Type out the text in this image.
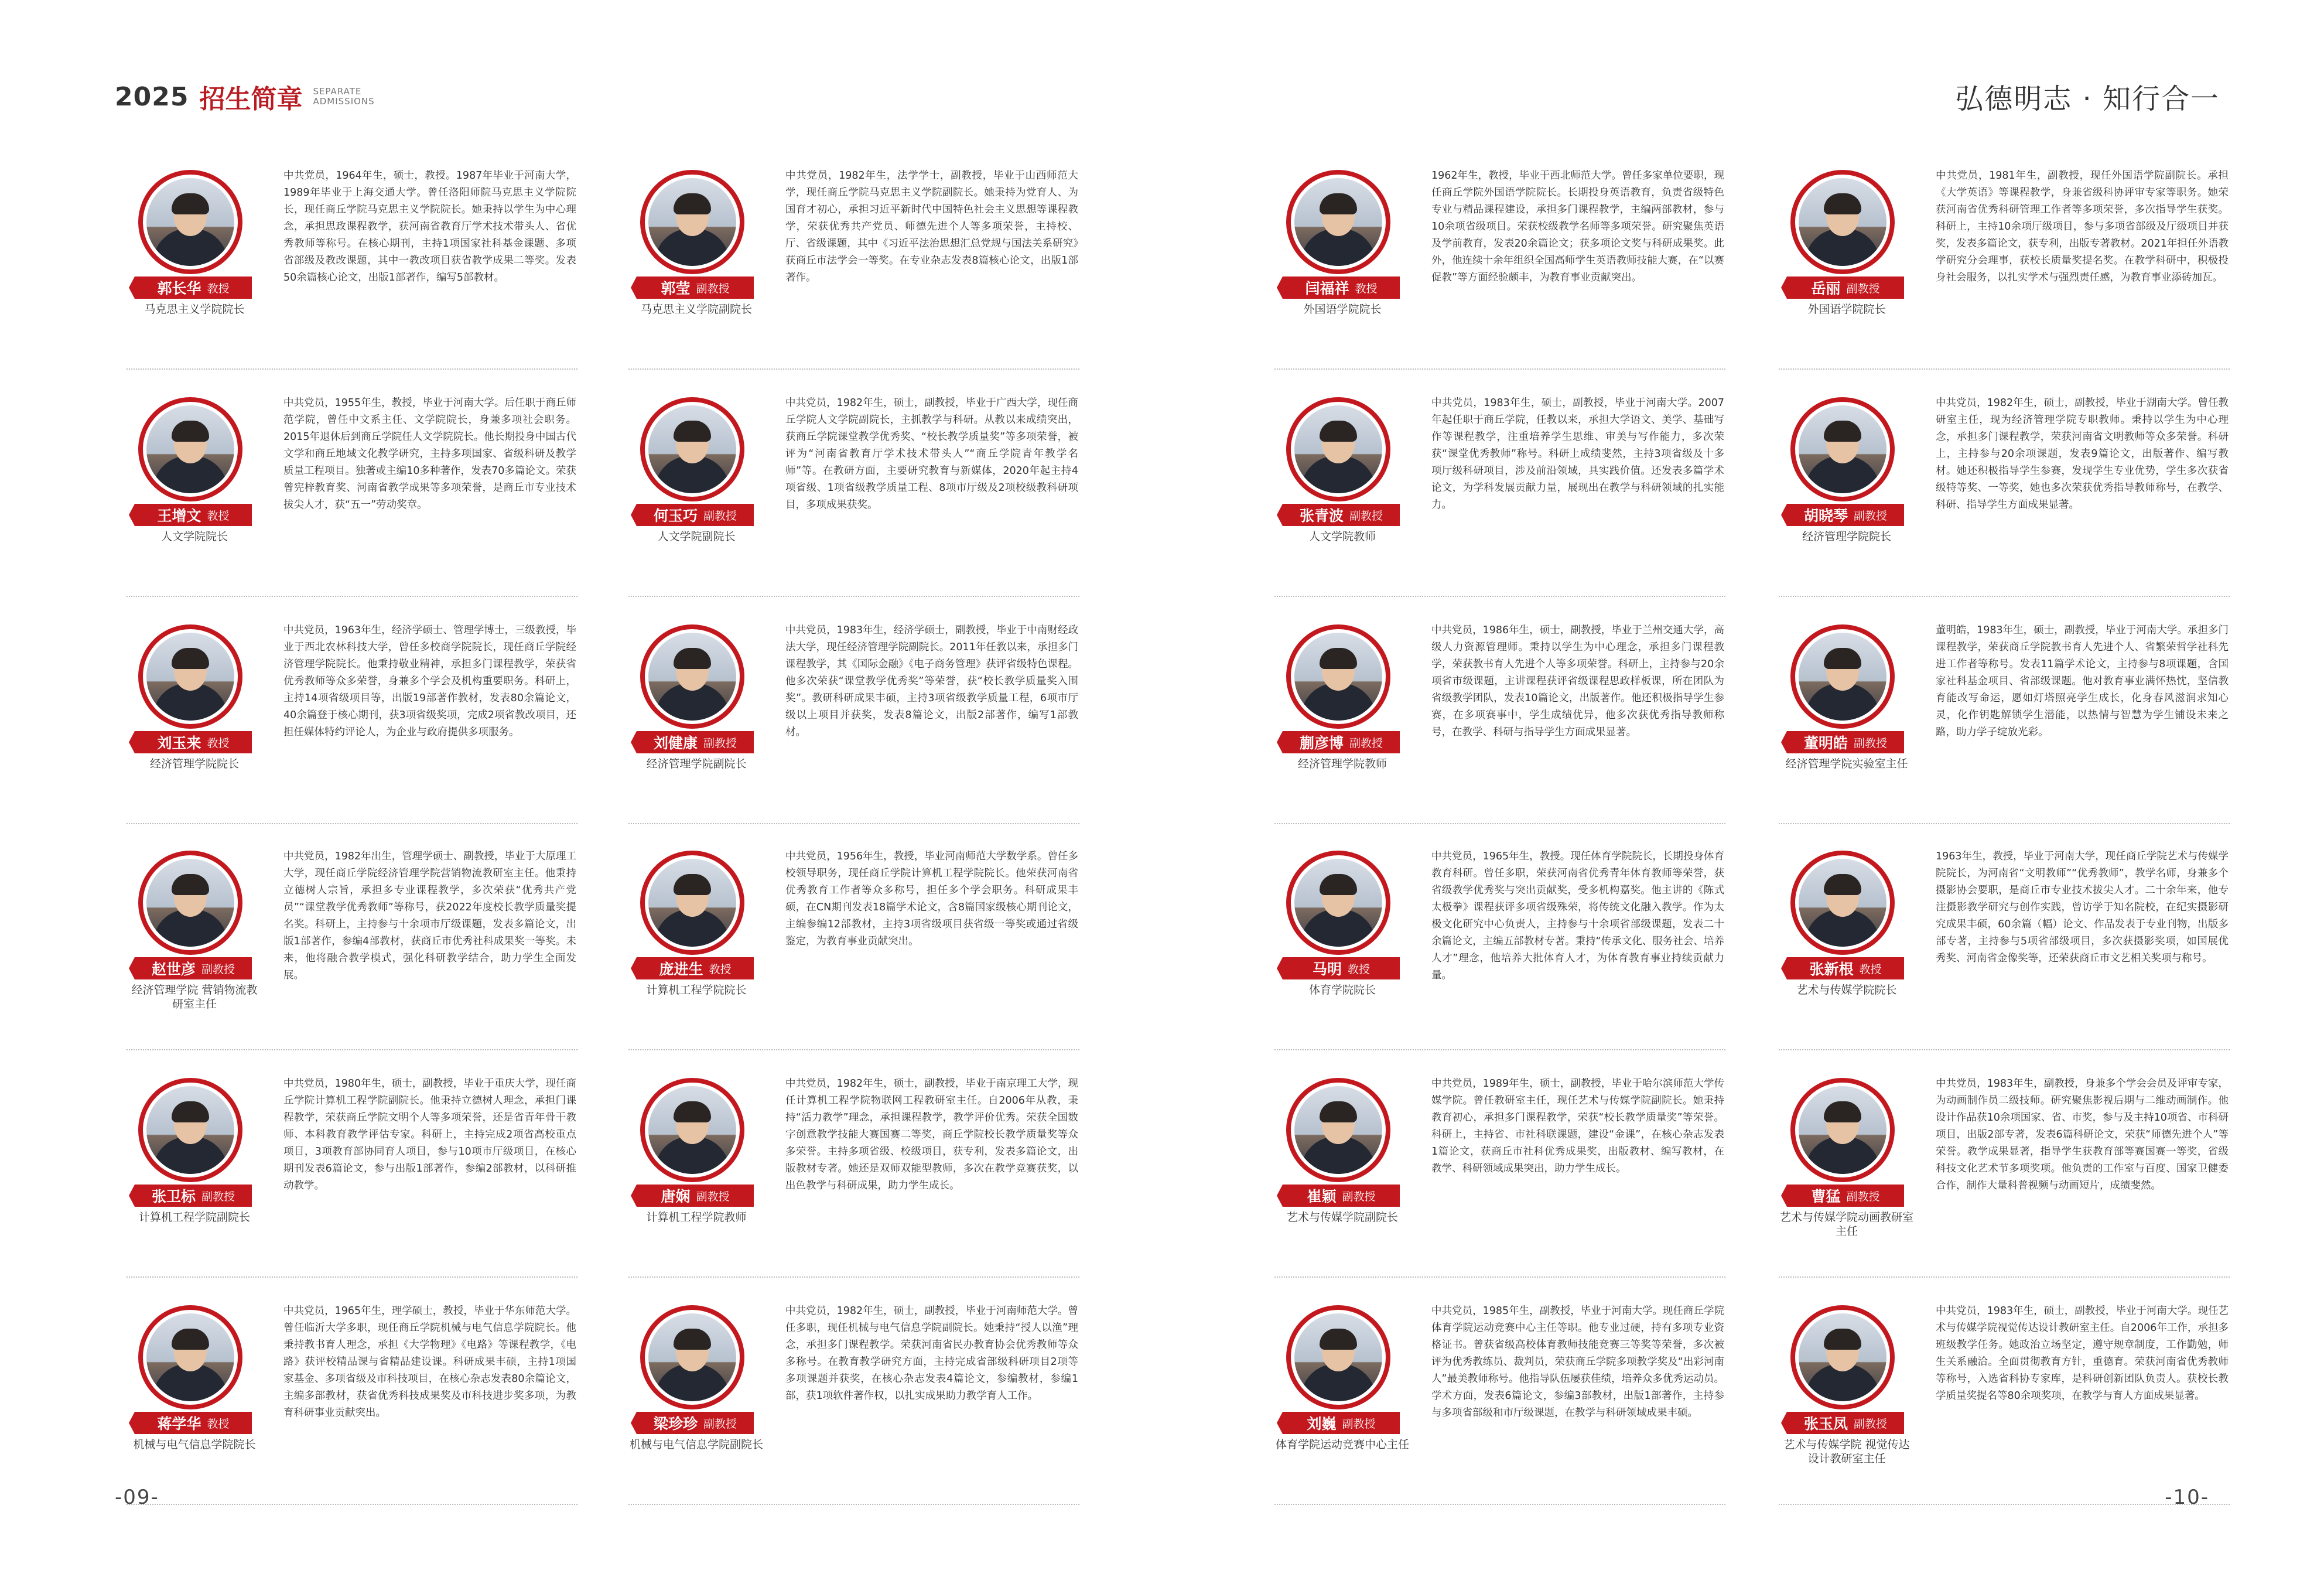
2025 招生简章 SEPARATE
ADMISSIONS	弘德明志 · 知行合一
郭长华 教授
马克思主义学院院长
中共党员，1964年生，硕士，教授。1987年毕业于河南大学，1989年毕业于上海交通大学。曾任洛阳师院马克思主义学院院长，现任商丘学院马克思主义学院院长。她秉持以学生为中心理念，承担思政课程教学，获河南省教育厅学术技术带头人、省优秀教师等称号。在核心期刊，主持1项国家社科基金课题、多项省部级及教改课题，其中一教改项目获省教学成果二等奖。发表50余篇核心论文，出版1部著作，编写5部教材。
郭莹 副教授
马克思主义学院副院长
中共党员，1982年生，法学学士，副教授，毕业于山西师范大学，现任商丘学院马克思主义学院副院长。她秉持为党育人、为国育才初心，承担习近平新时代中国特色社会主义思想等课程教学，荣获优秀共产党员、师德先进个人等多项荣誉，主持校、厅、省级课题，其中《习近平法治思想汇总党规与国法关系研究》获商丘市法学会一等奖。在专业杂志发表8篇核心论文，出版1部著作。
闫福祥 教授
外国语学院院长
1962年生，教授，毕业于西北师范大学。曾任多家单位要职，现任商丘学院外国语学院院长。长期投身英语教育，负责省级特色专业与精品课程建设，承担多门课程教学，主编两部教材，参与10余项省级项目。荣获校级教学名师等多项荣誉。研究聚焦英语及学前教育，发表20余篇论文；获多项论文奖与科研成果奖。此外，他连续十余年组织全国高师学生英语教师技能大赛，在“以赛促教”等方面经验颇丰，为教育事业贡献突出。
岳丽 副教授
外国语学院院长
中共党员，1981年生，副教授，现任外国语学院副院长。承担《大学英语》等课程教学，身兼省级科协评审专家等职务。她荣获河南省优秀科研管理工作者等多项荣誉，多次指导学生获奖。科研上，主持10余项厅级项目，参与多项省部级及厅级项目并获奖，发表多篇论文，获专利，出版专著教材。2021年担任外语教学研究分会理事，获校长质量奖提名奖。在教学科研中，积极投身社会服务，以扎实学术与强烈责任感，为教育事业添砖加瓦。
王增文 教授
人文学院院长
中共党员，1955年生，教授，毕业于河南大学。后任职于商丘师范学院，曾任中文系主任、文学院院长，身兼多项社会职务。2015年退休后到商丘学院任人文学院院长。他长期投身中国古代文学和商丘地域文化教学研究，主持多项国家、省级科研及教学质量工程项目。独著或主编10多种著作，发表70多篇论文。荣获曾宪梓教育奖、河南省教学成果等多项荣誉，是商丘市专业技术拔尖人才，获“五一”劳动奖章。
何玉巧 副教授
人文学院副院长
中共党员，1982年生，硕士，副教授，毕业于广西大学，现任商丘学院人文学院副院长，主抓教学与科研。从教以来成绩突出，获商丘学院课堂教学优秀奖、“校长教学质量奖”等多项荣誉，被评为“河南省教育厅学术技术带头人”“商丘学院青年教学名师”等。在教研方面，主要研究教育与新媒体，2020年起主持4项省级、1项省级教学质量工程、8项市厅级及2项校级教科研项目，多项成果获奖。
张青波 副教授
人文学院教师
中共党员，1983年生，硕士，副教授，毕业于河南大学。2007年起任职于商丘学院，任教以来，承担大学语文、美学、基础写作等课程教学，注重培养学生思维、审美与写作能力，多次荣获“课堂优秀教师”称号。科研上成绩斐然，主持3项省级及十多项厅级科研项目，涉及前沿领域，具实践价值。还发表多篇学术论文，为学科发展贡献力量，展现出在教学与科研领域的扎实能力。
胡晓琴 副教授
经济管理学院院长
中共党员，1982年生，硕士，副教授，毕业于湖南大学。曾任教研室主任，现为经济管理学院专职教师。秉持以学生为中心理念，承担多门课程教学，荣获河南省文明教师等众多荣誉。科研上，主持参与20余项课题，发表9篇论文，出版著作、编写教材。她还积极指导学生参赛，发现学生专业优势，学生多次获省级特等奖、一等奖，她也多次荣获优秀指导教师称号，在教学、科研、指导学生方面成果显著。
刘玉来 教授
经济管理学院院长
中共党员，1963年生，经济学硕士、管理学博士，三级教授，毕业于西北农林科技大学，曾任多校商学院院长，现任商丘学院经济管理学院院长。他秉持敬业精神，承担多门课程教学，荣获省优秀教师等众多荣誉，身兼多个学会及机构重要职务。科研上，主持14项省级项目等，出版19部著作教材，发表80余篇论文，40余篇登于核心期刊，获3项省级奖项，完成2项省教改项目，还担任媒体特约评论人，为企业与政府提供多项服务。
刘健康 副教授
经济管理学院副院长
中共党员，1983年生，经济学硕士，副教授，毕业于中南财经政法大学，现任经济管理学院副院长。2011年任教以来，承担多门课程教学，其《国际金融》《电子商务管理》获评省级特色课程。他多次荣获“课堂教学优秀奖”等荣誉，获“校长教学质量奖入围奖”。教研科研成果丰硕，主持3项省级教学质量工程，6项市厅级以上项目并获奖，发表8篇论文，出版2部著作，编写1部教材。
蒯彦博 副教授
经济管理学院教师
中共党员，1986年生，硕士，副教授，毕业于兰州交通大学，高级人力资源管理师。秉持以学生为中心理念，承担多门课程教学，荣获教书育人先进个人等多项荣誉。科研上，主持参与20余项省市级课题，主讲课程获评省级课程思政样板课，所在团队为省级教学团队，发表10篇论文，出版著作。他还积极指导学生参赛，在多项赛事中，学生成绩优异，他多次获优秀指导教师称号，在教学、科研与指导学生方面成果显著。
董明皓 副教授
经济管理学院实验室主任
董明皓，1983年生，硕士，副教授，毕业于河南大学。承担多门课程教学，荣获商丘学院教书育人先进个人、省繁荣哲学社科先进工作者等称号。发表11篇学术论文，主持参与8项课题，含国家社科基金项目、省部级课题。他对教育事业满怀热忱，坚信教育能改写命运，愿如灯塔照亮学生成长，化身春风滋润求知心灵，化作钥匙解锁学生潜能，以热情与智慧为学生铺设未来之路，助力学子绽放光彩。
赵世彦 副教授
经济管理学院 营销物流教研室主任
中共党员，1982年出生，管理学硕士、副教授，毕业于大原理工大学，现任商丘学院经济管理学院营销物流教研室主任。他秉持立德树人宗旨，承担多专业课程教学，多次荣获“优秀共产党员”“课堂教学优秀教师”等称号，获2022年度校长教学质量奖提名奖。科研上，主持参与十余项市厅级课题，发表多篇论文，出版1部著作，参编4部教材，获商丘市优秀社科成果奖一等奖。未来，他将融合教学模式，强化科研教学结合，助力学生全面发展。	庞进生 教授
计算机工程学院院长
中共党员，1956年生，教授，毕业河南师范大学数学系。曾任多校领导职务，现任商丘学院计算机工程学院院长。他荣获河南省优秀教育工作者等众多称号，担任多个学会职务。科研成果丰硕，在CN期刊发表18篇学术论文，含8篇国家级核心期刊论文，主编参编12部教材，主持3项省级项目获省级一等奖或通过省级鉴定，为教育事业贡献突出。
马明 教授
体育学院院长
中共党员，1965年生，教授。现任体育学院院长，长期投身体育教育科研。曾任多职，荣获河南省优秀青年体育教师等荣誉，获省级教学优秀奖与突出贡献奖，受多机构嘉奖。他主讲的《陈式太极拳》课程获评多项省级殊荣，将传统文化融入教学。作为太极文化研究中心负责人，主持参与十余项省部级课题，发表二十余篇论文，主编五部教材专著。秉持“传承文化、服务社会、培养人才”理念，他培养大批体育人才，为体育教育事业持续贡献力量。	张新根 教授
艺术与传媒学院院长
1963年生，教授，毕业于河南大学，现任商丘学院艺术与传媒学院院长，为河南省“文明教师”“优秀教师”，教学名师，身兼多个摄影协会要职，是商丘市专业技术拔尖人才。二十余年来，他专注摄影教学研究与创作实践，曾访学于知名院校，在纪实摄影研究成果丰硕，60余篇（幅）论文、作品发表于专业刊物，出版多部专著，主持参与5项省部级项目，多次获摄影奖项，如国展优秀奖、河南省金像奖等，还荣获商丘市文艺相关奖项与称号。
张卫标 副教授
计算机工程学院副院长
中共党员，1980年生，硕士，副教授，毕业于重庆大学，现任商丘学院计算机工程学院副院长。他秉持立德树人理念，承担门课程教学，荣获商丘学院文明个人等多项荣誉，还是省青年骨干教师、本科教育教学评估专家。科研上，主持完成2项省高校重点项目，3项教育部协同育人项目，参与10项市厅级项目，在核心期刊发表6篇论文，参与出版1部著作，参编2部教材，以科研推动教学。
唐娴 副教授
计算机工程学院教师
中共党员，1982年生，硕士，副教授，毕业于南京理工大学，现任计算机工程学院物联网工程教研室主任。自2006年从教，秉持“活力教学”理念，承担课程教学，教学评价优秀。荣获全国数字创意教学技能大赛国赛二等奖，商丘学院校长教学质量奖等众多荣誉。主持多项省级、校级项目，获专利，发表多篇论文，出版教材专著。她还是双师双能型教师，多次在教学竞赛获奖，以出色教学与科研成果，助力学生成长。
崔颖 副教授
艺术与传媒学院副院长
中共党员，1989年生，硕士，副教授，毕业于哈尔滨师范大学传媒学院。曾任教研室主任，现任艺术与传媒学院副院长。她秉持教育初心，承担多门课程教学，荣获“校长教学质量奖”等荣誉。科研上，主持省、市社科联课题，建设“金课”，在核心杂志发表1篇论文，获商丘市社科优秀成果奖，出版教材、编写教材，在教学、科研领域成果突出，助力学生成长。
曹猛 副教授
艺术与传媒学院动画教研室主任
中共党员，1983年生，副教授，身兼多个学会会员及评审专家，为动画制作员二级技师。研究聚焦影视后期与二维动画制作。他设计作品获10余项国家、省、市奖，参与及主持10项省、市科研项目，出版2部专著，发表6篇科研论文，荣获“师德先进个人”等荣誉。教学成果显著，指导学生获教育部等赛国赛一等奖，省级科技文化艺术节多项奖项。他负责的工作室与百度、国家卫健委合作，制作大量科普视频与动画短片，成绩斐然。
蒋学华 教授
机械与电气信息学院院长
中共党员，1965年生，理学硕士，教授，毕业于华东师范大学。曾任临沂大学多职，现任商丘学院机械与电气信息学院院长。他秉持教书育人理念，承担《大学物理》《电路》等课程教学，《电路》获评校精品课与省精品建设课。科研成果丰硕，主持1项国家基金、多项省级及市科技项目，在核心杂志发表80余篇论文，主编多部教材，获省优秀科技成果奖及市科技进步奖多项，为教育科研事业贡献突出。
梁珍珍 副教授
机械与电气信息学院副院长
中共党员，1982年生，硕士，副教授，毕业于河南师范大学。曾任多职，现任机械与电气信息学院副院长。她秉持“授人以渔”理念，承担多门课程教学。荣获河南省民办教育协会优秀教师等众多称号。在教育教学研究方面，主持完成省部级科研项目2项等多项课题并获奖，在核心杂志发表4篇论文，参编教材，参编1部，获1项软件著作权，以扎实成果助力教学育人工作。
刘巍 副教授
体育学院运动竞赛中心主任
中共党员，1985年生，副教授，毕业于河南大学。现任商丘学院体育学院运动竞赛中心主任等职。他专业过硬，持有多项专业资格证书。曾获省级高校体育教师技能竞赛三等奖等荣誉，多次被评为优秀教练员、裁判员，荣获商丘学院多项教学奖及“出彩河南人”最美教师称号。他指导队伍屡获佳绩，培养众多优秀运动员。学术方面，发表6篇论文，参编3部教材，出版1部著作，主持参与多项省部级和市厅级课题，在教学与科研领域成果丰硕。
张玉凤 副教授
艺术与传媒学院 视觉传达设计教研室主任
中共党员，1983年生，硕士，副教授，毕业于河南大学。现任艺术与传媒学院视觉传达设计教研室主任。自2006年工作，承担多班级教学任务。她政治立场坚定，遵守规章制度，工作勤勉，师生关系融洽。全面贯彻教育方针，重德育。荣获河南省优秀教师等称号，入选省科协专家库，是科研创新团队负责人。获校长教学质量奖提名等80余项奖项，在教学与育人方面成果显著。
-09-	-10-
